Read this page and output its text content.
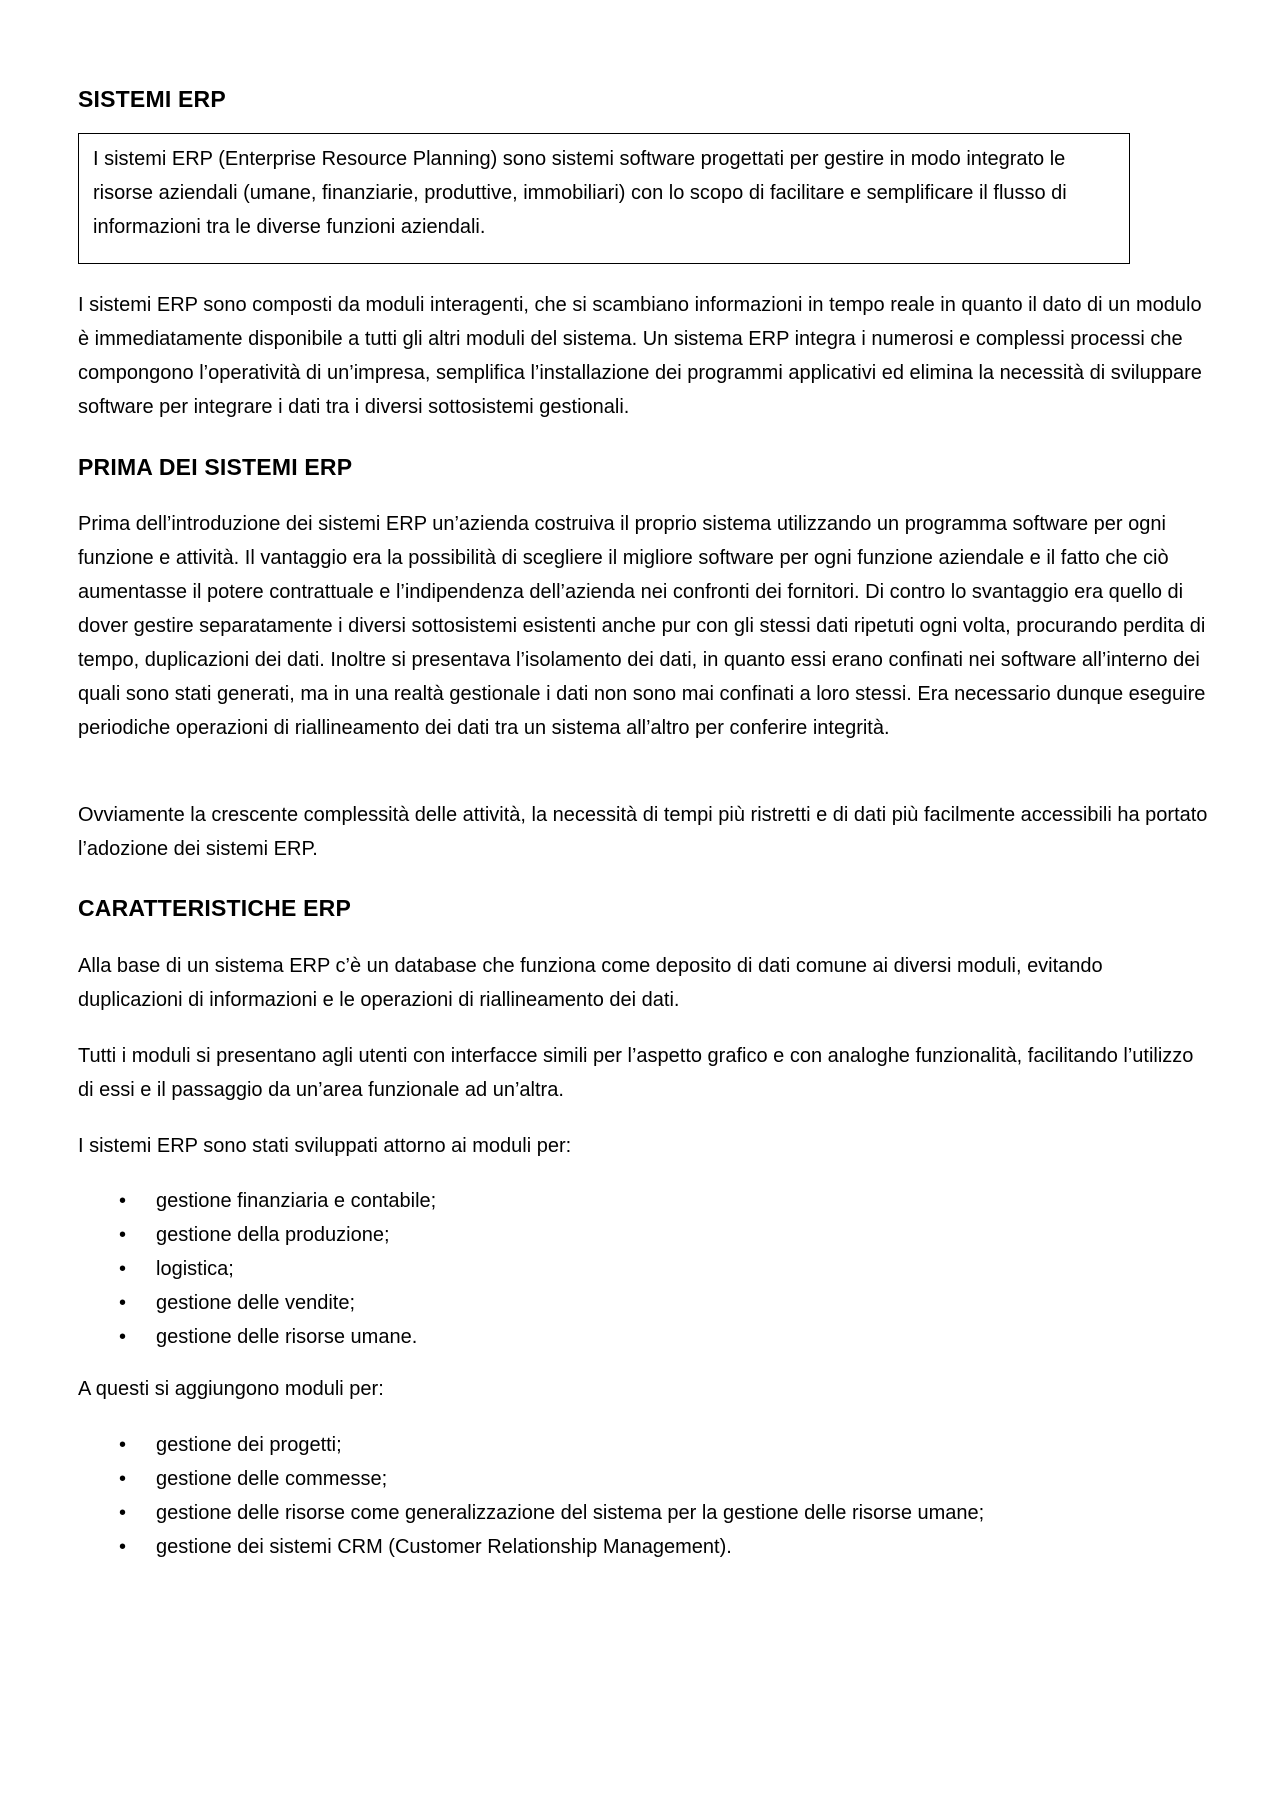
SISTEMI ERP

I sistemi ERP (Enterprise Resource Planning) sono sistemi software progettati per gestire in modo integrato le risorse aziendali (umane, finanziarie, produttive, immobiliari) con lo scopo di facilitare e semplificare il flusso di informazioni tra le diverse funzioni aziendali.

I sistemi ERP sono composti da moduli interagenti, che si scambiano informazioni in tempo reale in quanto il dato di un modulo è immediatamente disponibile a tutti gli altri moduli del sistema. Un sistema ERP integra i numerosi e complessi processi che compongono l’operatività di un’impresa, semplifica l’installazione dei programmi applicativi ed elimina la necessità di sviluppare software per integrare i dati tra i diversi sottosistemi gestionali.

PRIMA DEI SISTEMI ERP

Prima dell’introduzione dei sistemi ERP un’azienda costruiva il proprio sistema utilizzando un programma software per ogni funzione e attività. Il vantaggio era la possibilità di scegliere il migliore software per ogni funzione aziendale e il fatto che ciò aumentasse il potere contrattuale e l’indipendenza dell’azienda nei confronti dei fornitori. Di contro lo svantaggio era quello di dover gestire separatamente i diversi sottosistemi esistenti anche pur con gli stessi dati ripetuti ogni volta, procurando perdita di tempo, duplicazioni dei dati. Inoltre si presentava l’isolamento dei dati, in quanto essi erano confinati nei software all’interno dei quali sono stati generati, ma in una realtà gestionale i dati non sono mai confinati a loro stessi. Era necessario dunque eseguire periodiche operazioni di riallineamento dei dati tra un sistema all’altro per conferire integrità.

Ovviamente la crescente complessità delle attività, la necessità di tempi più ristretti e di dati più facilmente accessibili ha portato l’adozione dei sistemi ERP.

CARATTERISTICHE ERP

Alla base di un sistema ERP c’è un database che funziona come deposito di dati comune ai diversi moduli, evitando duplicazioni di informazioni e le operazioni di riallineamento dei dati.

Tutti i moduli si presentano agli utenti con interfacce simili per l’aspetto grafico e con analoghe funzionalità, facilitando l’utilizzo di essi e il passaggio da un’area funzionale ad un’altra.

I sistemi ERP sono stati sviluppati attorno ai moduli per:

• gestione finanziaria e contabile;
• gestione della produzione;
• logistica;
• gestione delle vendite;
• gestione delle risorse umane.

A questi si aggiungono moduli per:

• gestione dei progetti;
• gestione delle commesse;
• gestione delle risorse come generalizzazione del sistema per la gestione delle risorse umane;
• gestione dei sistemi CRM (Customer Relationship Management).
